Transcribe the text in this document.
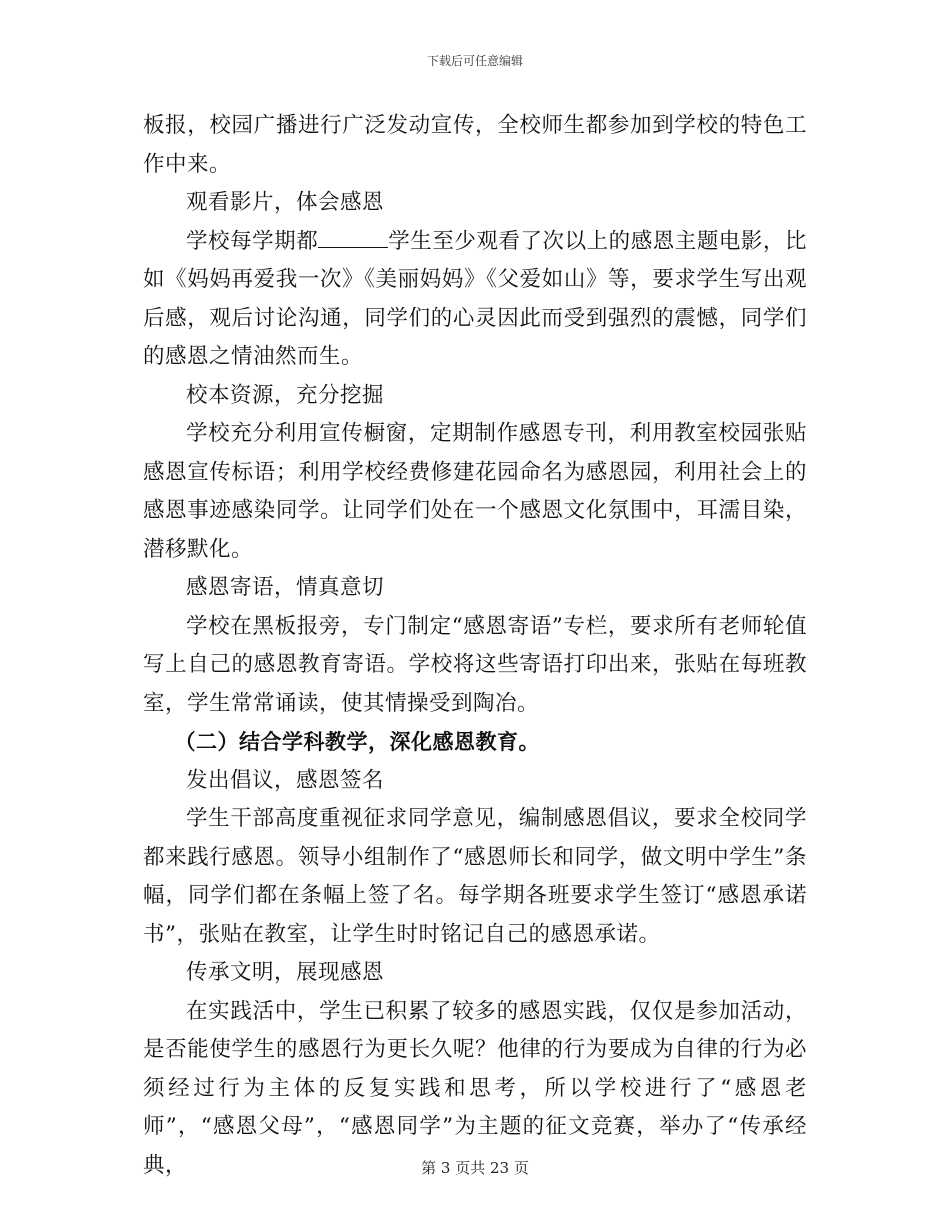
下载后可任意编辑

板报，校园广播进行广泛发动宣传，全校师生都参加到学校的特色工作中来。

观看影片，体会感恩

学校每学期都	学生至少观看了次以上的感恩主题电影，比如《妈妈再爱我一次》《美丽妈妈》《父爱如山》等，要求学生写出观后感，观后讨论沟通，同学们的心灵因此而受到强烈的震憾，同学们的感恩之情油然而生。

校本资源，充分挖掘

学校充分利用宣传橱窗，定期制作感恩专刊，利用教室校园张贴感恩宣传标语；利用学校经费修建花园命名为感恩园，利用社会上的感恩事迹感染同学。让同学们处在一个感恩文化氛围中，耳濡目染，潜移默化。

感恩寄语，情真意切

学校在黑板报旁，专门制定“感恩寄语”专栏，要求所有老师轮值写上自己的感恩教育寄语。学校将这些寄语打印出来，张贴在每班教室，学生常常诵读，使其情操受到陶冶。

（二）结合学科教学，深化感恩教育。

发出倡议，感恩签名

学生干部高度重视征求同学意见，编制感恩倡议，要求全校同学都来践行感恩。领导小组制作了“感恩师长和同学，做文明中学生”条幅，同学们都在条幅上签了名。每学期各班要求学生签订“感恩承诺书”，张贴在教室，让学生时时铭记自己的感恩承诺。

传承文明，展现感恩

在实践活中，学生已积累了较多的感恩实践，仅仅是参加活动，是否能使学生的感恩行为更长久呢？他律的行为要成为自律的行为必须经过行为主体的反复实践和思考，所以学校进行了“感恩老师”，“感恩父母”，“感恩同学”为主题的征文竞赛，举办了“传承经典，	第 3 页共 23 页
